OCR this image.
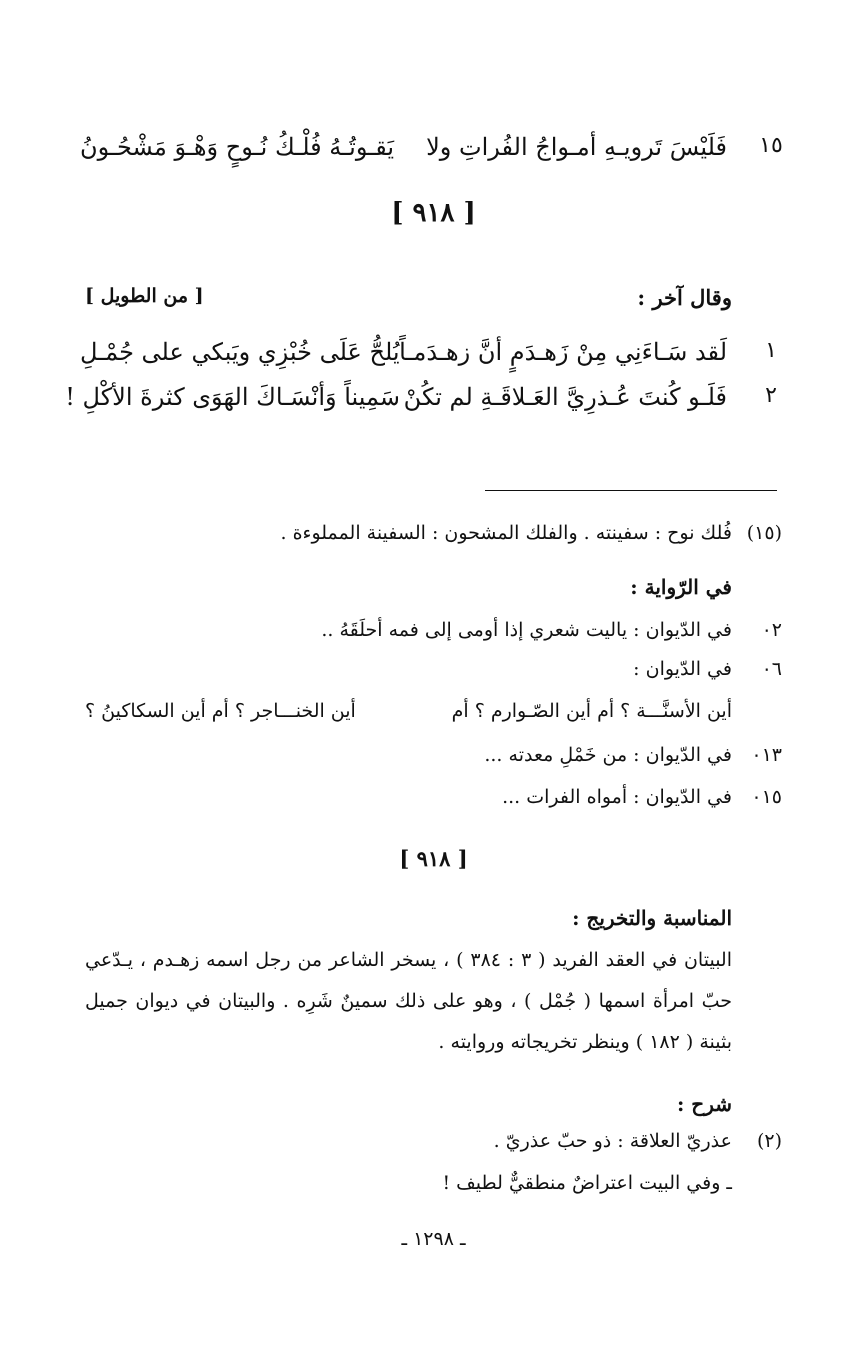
١٥
فَلَيْسَ تَرويـهِ أمـواجُ الفُراتِ ولا
يَقـوتُـهُ فُلْـكُ نُـوحٍ وَهْـوَ مَشْحُـونُ
[ ٩١٨ ]
وقال آخر :
[ من الطويل ]
١
لَقد سَـاءَنِي مِنْ زَهـدَمٍ أنَّ زهـدَمـاً
يُلحُّ عَلَى خُبْزِي ويَبكي على جُمْـلِ
٢
فَلَـو كُنتَ عُـذرِيَّ العَـلاقَـةِ لم تكُنْ
سَمِيناً وَأنْسَـاكَ الهَوَى كثرةَ الأكْلِ !
(١٥) فُلك نوح : سفينته . والفلك المشحون : السفينة المملوءة .
في الرّواية :
٠٢ في الدّيوان : ياليت شعري إذا أومى إلى فمه أحلَقَهُ ..
٠٦ في الدّيوان :
أين الأسنَّـــة ؟ أم أين الصّـوارم ؟ أم
أين الخنـــاجر ؟ أم أين السكاكينُ ؟
٠١٣ في الدّيوان : من خَمْلِ معدته ...
٠١٥ في الدّيوان : أمواه الفرات ...
[ ٩١٨ ]
المناسبة والتخريج :
البيتان في العقد الفريد ( ٣ : ٣٨٤ ) ، يسخر الشاعر من رجل اسمه زهـدم ، يـدّعي حبّ امرأة اسمها ( جُمْل ) ، وهو على ذلك سمينٌ شَرِه . والبيتان في ديوان جميل بثينة ( ١٨٢ ) وينظر تخريجاته وروايته .
شرح :
(٢) عذريّ العلاقة : ذو حبّ عذريّ .
ـ وفي البيت اعتراضٌ منطقيٌّ لطيف !
ـ ١٢٩٨ ـ
